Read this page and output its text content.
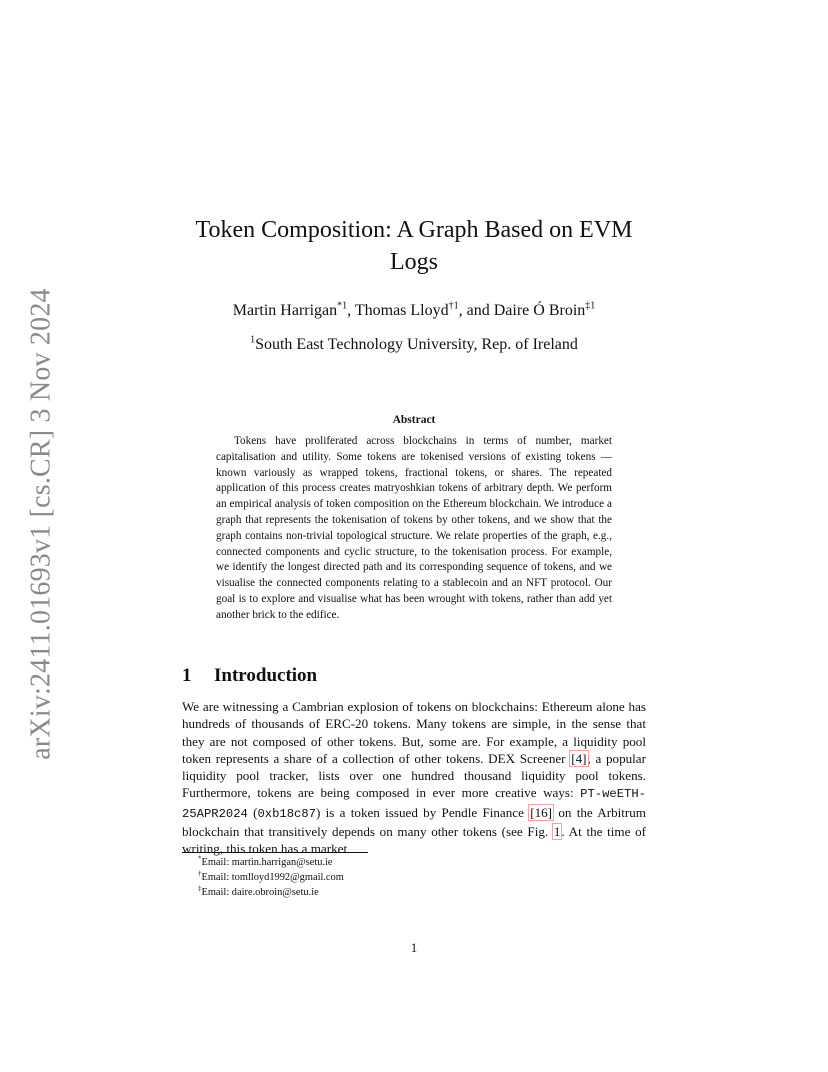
arXiv:2411.01693v1 [cs.CR] 3 Nov 2024
Token Composition: A Graph Based on EVM Logs
Martin Harrigan$^{*1}$, Thomas Lloyd$^{\dagger 1}$, and Daire Ó Broin$^{\ddagger 1}$
$^1$South East Technology University, Rep. of Ireland
Abstract
Tokens have proliferated across blockchains in terms of number, market capitalisation and utility. Some tokens are tokenised versions of existing tokens — known variously as wrapped tokens, fractional tokens, or shares. The repeated application of this process creates matryoshkian tokens of arbitrary depth. We perform an empirical analysis of token composition on the Ethereum blockchain. We introduce a graph that represents the tokenisation of tokens by other tokens, and we show that the graph contains non-trivial topological structure. We relate properties of the graph, e.g., connected components and cyclic structure, to the tokenisation process. For example, we identify the longest directed path and its corresponding sequence of tokens, and we visualise the connected components relating to a stablecoin and an NFT protocol. Our goal is to explore and visualise what has been wrought with tokens, rather than add yet another brick to the edifice.
1 Introduction
We are witnessing a Cambrian explosion of tokens on blockchains: Ethereum alone has hundreds of thousands of ERC-20 tokens. Many tokens are simple, in the sense that they are not composed of other tokens. But, some are. For example, a liquidity pool token represents a share of a collection of other tokens. DEX Screener [4], a popular liquidity pool tracker, lists over one hundred thousand liquidity pool tokens. Furthermore, tokens are being composed in ever more creative ways: PT-weETH-25APR2024 (0xb18c87) is a token issued by Pendle Finance [16] on the Arbitrum blockchain that transitively depends on many other tokens (see Fig. 1. At the time of writing, this token has a market
*Email: martin.harrigan@setu.ie
†Email: tomlloyd1992@gmail.com
‡Email: daire.obroin@setu.ie
1
